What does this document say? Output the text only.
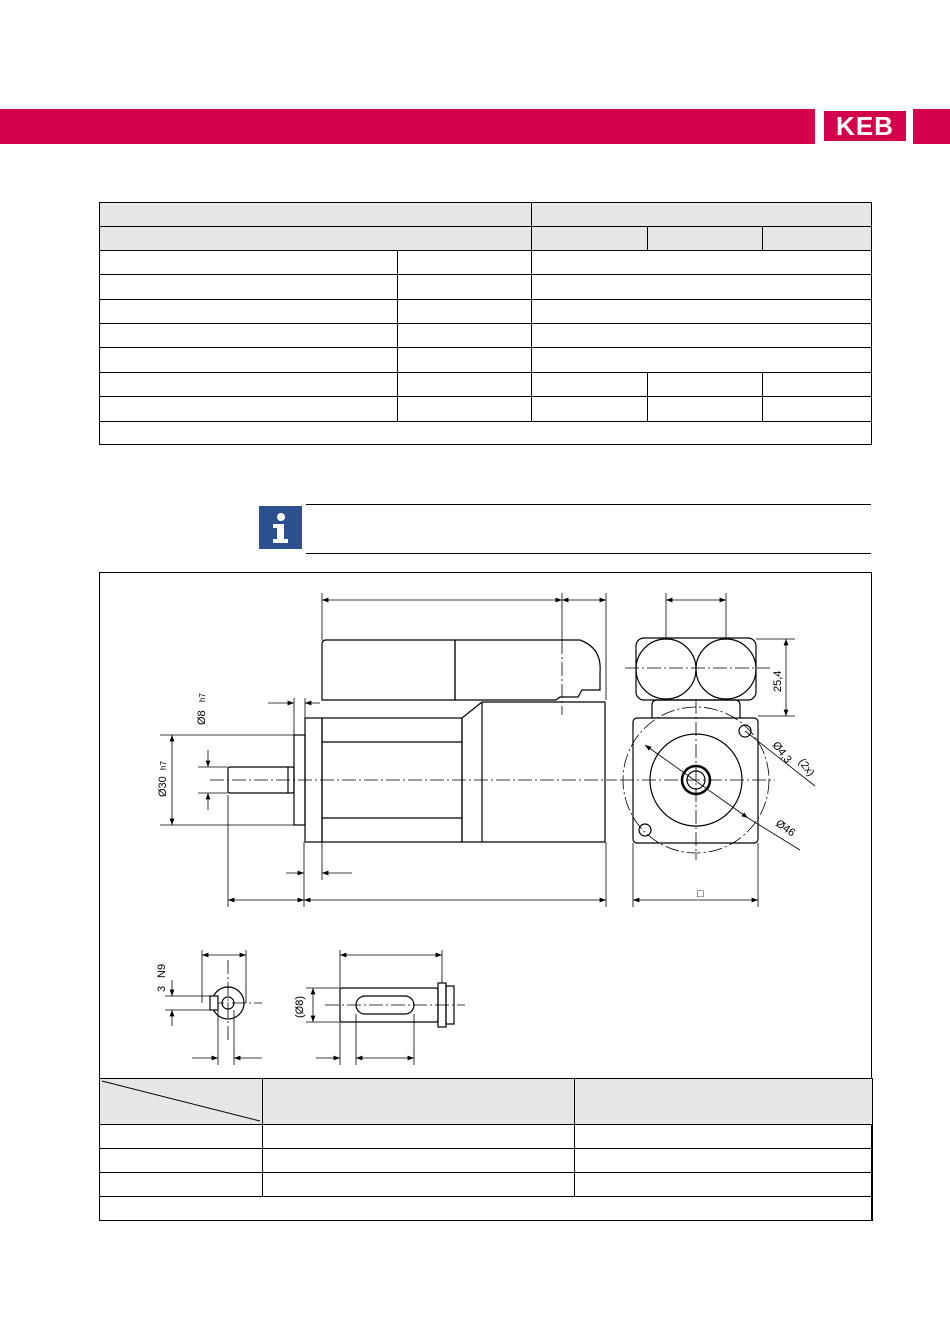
KEB

Ø8
h7
Ø30
h7
25,4
Ø4,3
(2x)
Ø46
□
3
N9
(Ø8)
